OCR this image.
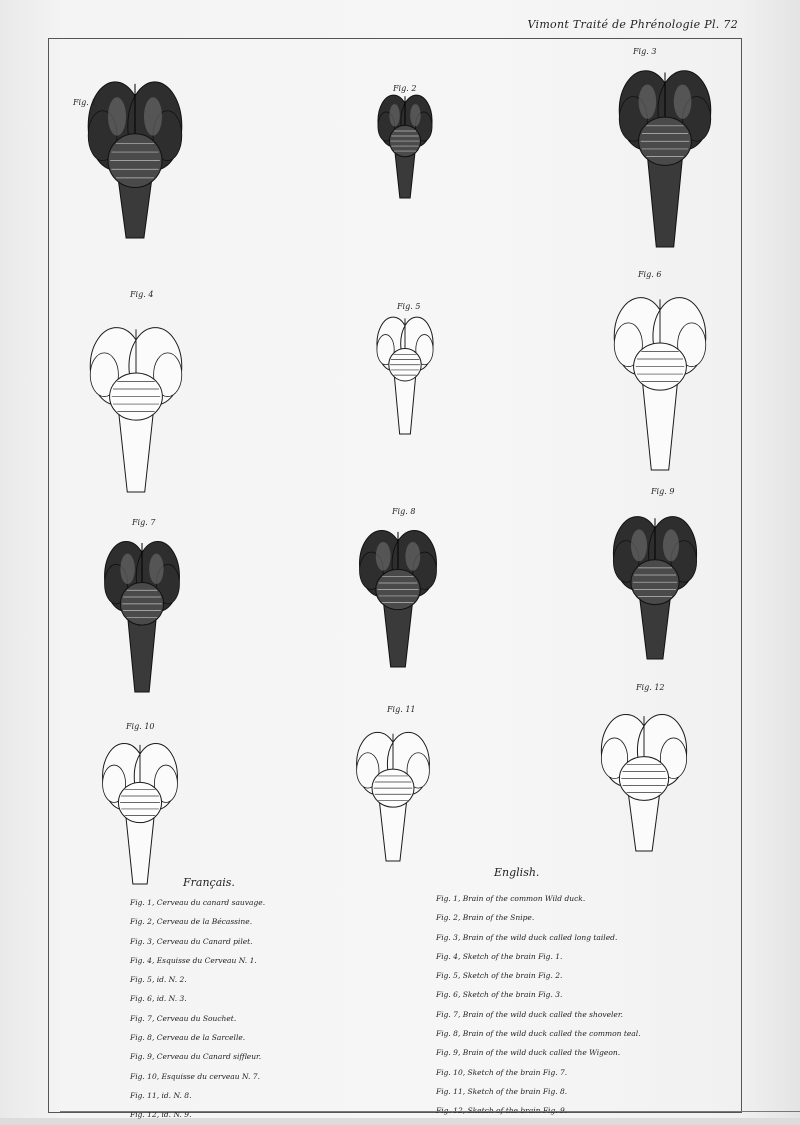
Vimont Traité de Phrénologie Pl. 72
Fig. 1
Fig. 2
Fig. 3
Fig. 4
Fig. 5
Fig. 6
Fig. 7
Fig. 8
Fig. 9
Fig. 10
Fig. 11
Fig. 12
Français.
Fig. 1, Cerveau du canard sauvage.
Fig. 2, Cerveau de la Bécassine.
Fig. 3, Cerveau du Canard pilet.
Fig. 4, Esquisse du Cerveau N. 1.
Fig. 5, id. N. 2.
Fig. 6, id. N. 3.
Fig. 7, Cerveau du Souchet.
Fig. 8, Cerveau de la Sarcelle.
Fig. 9, Cerveau du Canard siffleur.
Fig. 10, Esquisse du cerveau N. 7.
Fig. 11, id. N. 8.
Fig. 12, id. N. 9.
English.
Fig. 1, Brain of the common Wild duck.
Fig. 2, Brain of the Snipe.
Fig. 3, Brain of the wild duck called long tailed.
Fig. 4, Sketch of the brain Fig. 1.
Fig. 5, Sketch of the brain Fig. 2.
Fig. 6, Sketch of the brain Fig. 3.
Fig. 7, Brain of the wild duck called the shoveler.
Fig. 8, Brain of the wild duck called the common teal.
Fig. 9, Brain of the wild duck called the Wigeon.
Fig. 10, Sketch of the brain Fig. 7.
Fig. 11, Sketch of the brain Fig. 8.
Fig. 12, Sketch of the brain Fig. 9.
